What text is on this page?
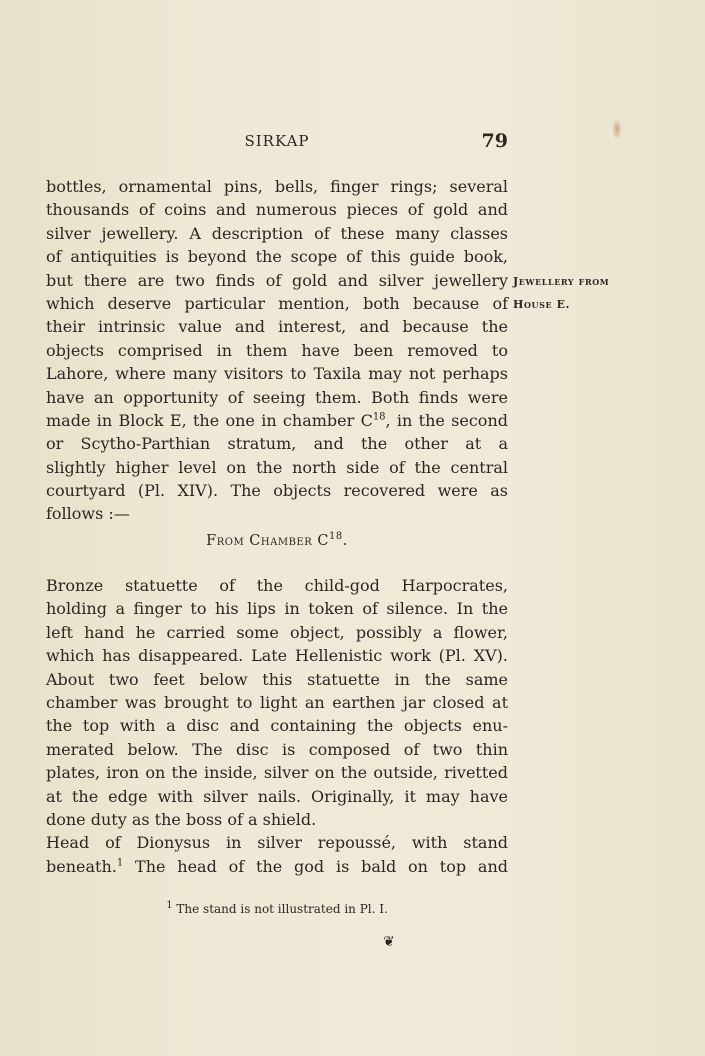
SIRKAP	79
bottles, ornamental pins, bells, finger rings; several
thousands of coins and numerous pieces of gold and
silver jewellery. A description of these many classes
of antiquities is beyond the scope of this guide book,
but there are two finds of gold and silver jewellery
which deserve particular mention, both because of
their intrinsic value and interest, and because the
objects comprised in them have been removed to
Lahore, where many visitors to Taxila may not perhaps
have an opportunity of seeing them. Both finds were
made in Block E, the one in chamber $C^{18}$, in the second
or Scytho-Parthian stratum, and the other at a
slightly higher level on the north side of the central
courtyard (Pl. XIV). The objects recovered were as
follows :—
Jewellery from
House E.
From Chamber $C^{18}$.
Bronze statuette of the child-god Harpocrates,
holding a finger to his lips in token of silence. In the
left hand he carried some object, possibly a flower,
which has disappeared. Late Hellenistic work (Pl. XV).
About two feet below this statuette in the same
chamber was brought to light an earthen jar closed at
the top with a disc and containing the objects enu-
merated below. The disc is composed of two thin
plates, iron on the inside, silver on the outside, rivetted
at the edge with silver nails. Originally, it may have
done duty as the boss of a shield.
Head of Dionysus in silver repoussé, with stand
beneath.$^1$ The head of the god is bald on top and
$^1$ The stand is not illustrated in Pl. I.
❦
